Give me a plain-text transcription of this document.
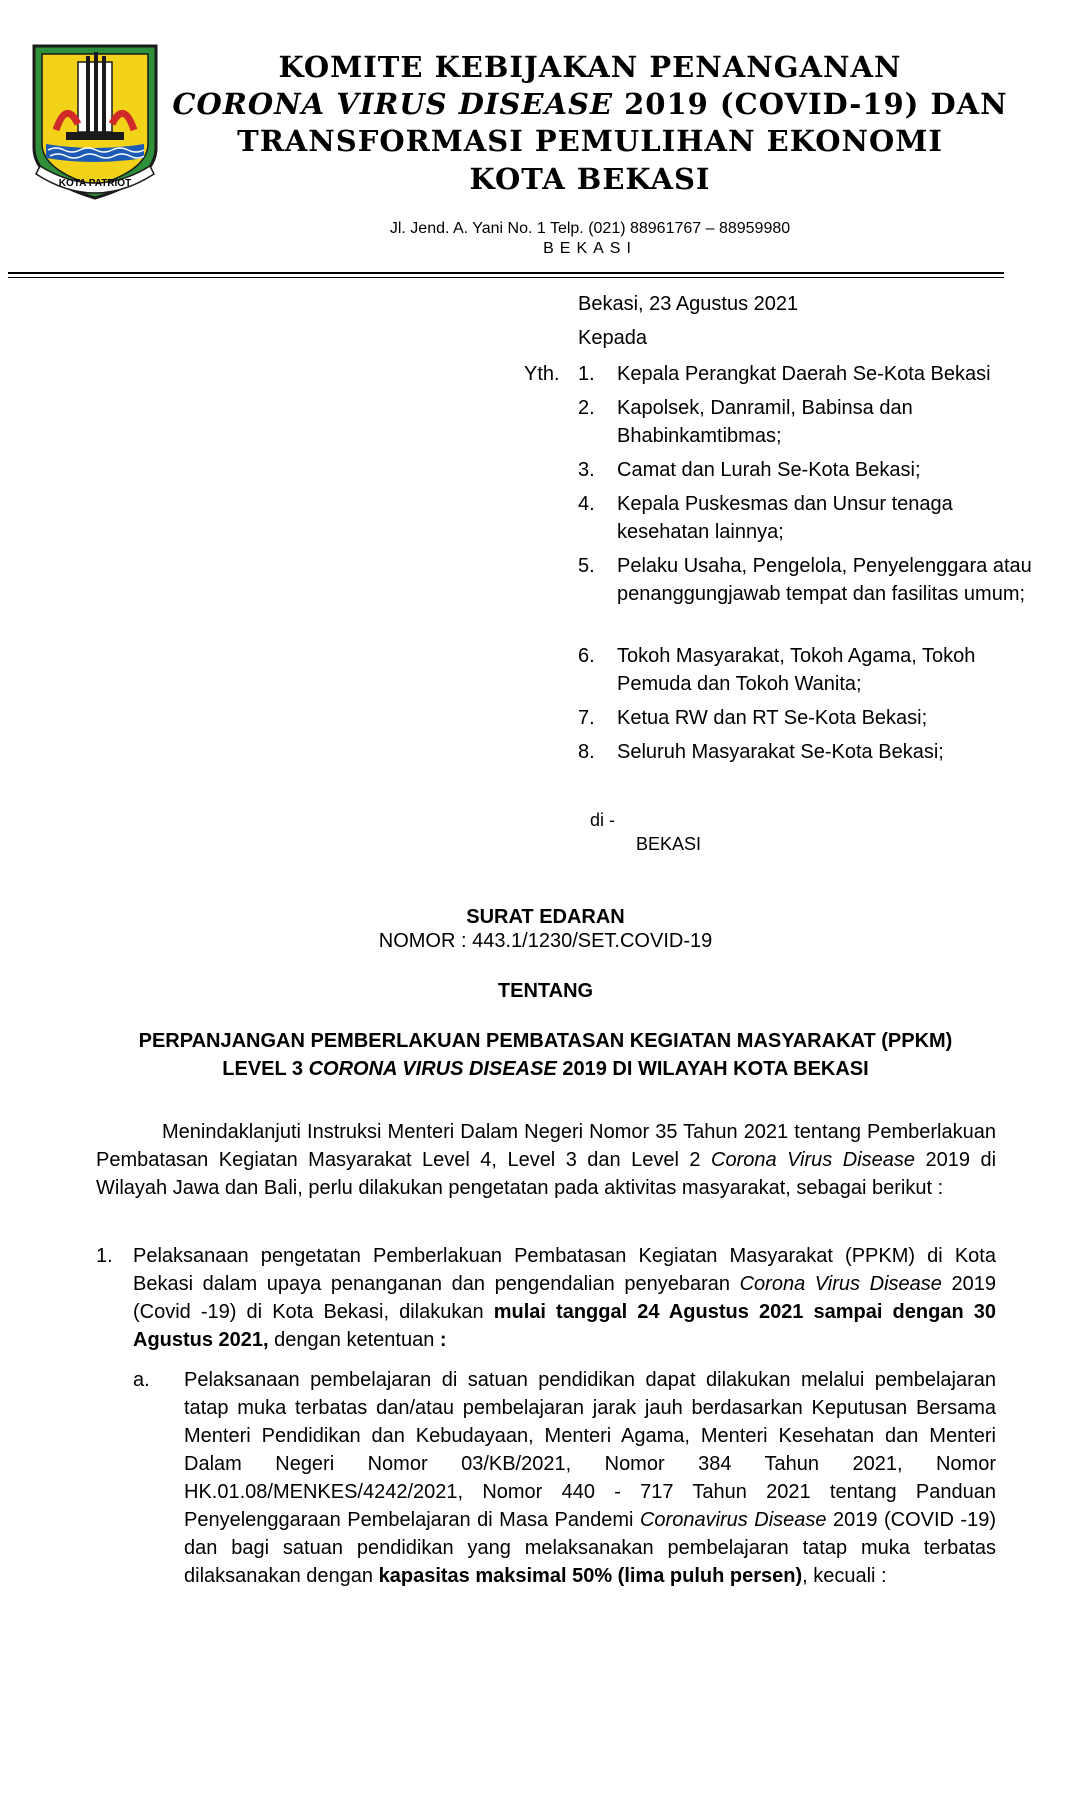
KOTA PATRIOT
KOMITE KEBIJAKAN PENANGANAN
CORONA VIRUS DISEASE 2019 (COVID-19) DAN
TRANSFORMASI PEMULIHAN EKONOMI
KOTA BEKASI
Jl. Jend. A. Yani No. 1 Telp. (021) 88961767 – 88959980
BEKASI
Bekasi, 23 Agustus 2021
Kepada
Yth. 1. Kepala Perangkat Daerah Se-Kota Bekasi
2. Kapolsek, Danramil, Babinsa dan Bhabinkamtibmas;
3. Camat dan Lurah Se-Kota Bekasi;
4. Kepala Puskesmas dan Unsur tenaga kesehatan lainnya;
5. Pelaku Usaha, Pengelola, Penyelenggara atau penanggungjawab tempat dan fasilitas umum;
6. Tokoh Masyarakat, Tokoh Agama, Tokoh Pemuda dan Tokoh Wanita;
7. Ketua RW dan RT Se-Kota Bekasi;
8. Seluruh Masyarakat Se-Kota Bekasi;
di -
BEKASI
SURAT EDARAN
NOMOR : 443.1/1230/SET.COVID-19
TENTANG
PERPANJANGAN PEMBERLAKUAN PEMBATASAN KEGIATAN MASYARAKAT (PPKM)
LEVEL 3 CORONA VIRUS DISEASE 2019 DI WILAYAH KOTA BEKASI
Menindaklanjuti Instruksi Menteri Dalam Negeri Nomor 35 Tahun 2021 tentang Pemberlakuan Pembatasan Kegiatan Masyarakat Level 4, Level 3 dan Level 2 Corona Virus Disease 2019 di Wilayah Jawa dan Bali, perlu dilakukan pengetatan pada aktivitas masyarakat, sebagai berikut :
1. Pelaksanaan pengetatan Pemberlakuan Pembatasan Kegiatan Masyarakat (PPKM) di Kota Bekasi dalam upaya penanganan dan pengendalian penyebaran Corona Virus Disease 2019 (Covid -19) di Kota Bekasi, dilakukan mulai tanggal 24 Agustus 2021 sampai dengan 30 Agustus 2021, dengan ketentuan :
a. Pelaksanaan pembelajaran di satuan pendidikan dapat dilakukan melalui pembelajaran tatap muka terbatas dan/atau pembelajaran jarak jauh berdasarkan Keputusan Bersama Menteri Pendidikan dan Kebudayaan, Menteri Agama, Menteri Kesehatan dan Menteri Dalam Negeri Nomor 03/KB/2021, Nomor 384 Tahun 2021, Nomor HK.01.08/MENKES/4242/2021, Nomor 440 - 717 Tahun 2021 tentang Panduan Penyelenggaraan Pembelajaran di Masa Pandemi Coronavirus Disease 2019 (COVID -19) dan bagi satuan pendidikan yang melaksanakan pembelajaran tatap muka terbatas dilaksanakan dengan kapasitas maksimal 50% (lima puluh persen), kecuali :
